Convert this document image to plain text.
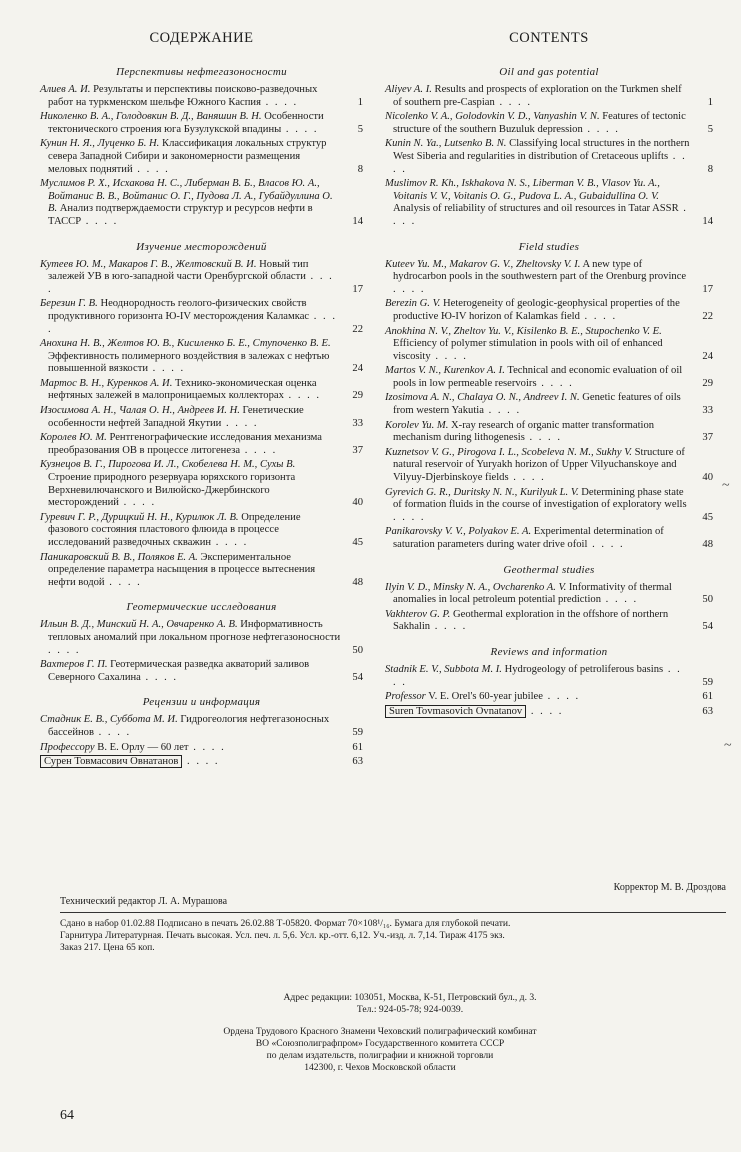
СОДЕРЖАНИЕ
Перспективы нефтегазоносности
Алиев А. И. Результаты и перспективы поисково-разведочных работ на туркменском шельфе Южного Каспия . . . .	1
Николенко В. А., Голодовкин В. Д., Ваняшин В. Н. Особенности тектонического строения юга Бузулукской впадины . . . .	5
Кунин Н. Я., Луценко Б. Н. Классификация локальных структур севера Западной Сибири и закономерности размещения меловых поднятий . . . .	8
Муслимов Р. Х., Исхакова Н. С., Либерман В. Б., Власов Ю. А., Войтанис В. В., Войтанис О. Г., Пудова Л. А., Губайдуллина О. В. Анализ подтверждаемости структур и ресурсов нефти в ТАССР . . . .	14
Изучение месторождений
Кутеев Ю. М., Макаров Г. В., Желтовский В. И. Новый тип залежей УВ в юго-западной части Оренбургской области . . . .	17
Березин Г. В. Неоднородность геолого-физических свойств продуктивного горизонта Ю-IV месторождения Каламкас . . . .	22
Анохина Н. В., Желтов Ю. В., Кисиленко Б. Е., Ступоченко В. Е. Эффективность полимерного воздействия в залежах с нефтью повышенной вязкости . . . .	24
Мартос В. Н., Куренков А. И. Технико-экономическая оценка нефтяных залежей в малопроницаемых коллекторах . . . .	29
Изосимова А. Н., Чалая О. Н., Андреев И. Н. Генетические особенности нефтей Западной Якутии . . . .	33
Королев Ю. М. Рентгенографические исследования механизма преобразования ОВ в процессе литогенеза . . . .	37
Кузнецов В. Г., Пирогова И. Л., Скобелева Н. М., Сухы В. Строение природного резервуара юряхского горизонта Верхневилючанского и Вилюйско-Джербинского месторождений . . . .	40
Гуревич Г. Р., Дурицкий Н. Н., Курилюк Л. В. Определение фазового состояния пластового флюида в процессе исследований разведочных скважин . . . .	45
Паникаровский В. В., Поляков Е. А. Экспериментальное определение параметра насыщения в процессе вытеснения нефти водой . . . .	48
Геотермические исследования
Ильин В. Д., Минский Н. А., Овчаренко А. В. Информативность тепловых аномалий при локальном прогнозе нефтегазоносности . . . .	50
Вахтеров Г. П. Геотермическая разведка акваторий заливов Северного Сахалина . . . .	54
Рецензии и информация
Стадник Е. В., Суббота М. И. Гидрогеология нефтегазоносных бассейнов . . . .	59
Профессору В. Е. Орлу — 60 лет . . . .	61
Сурен Товмасович Овнатанов . . . .	63
CONTENTS
Oil and gas potential
Aliyev A. I. Results and prospects of exploration on the Turkmen shelf of southern pre-Caspian . . . .	1
Nicolenko V. A., Golodovkin V. D., Vanyashin V. N. Features of tectonic structure of the southern Buzuluk depression . . . .	5
Kunin N. Ya., Lutsenko B. N. Classifying local structures in the northern West Siberia and regularities in distribution of Cretaceous uplifts . . . .	8
Muslimov R. Kh., Iskhakova N. S., Liberman V. B., Vlasov Yu. A., Voitanis V. V., Voitanis O. G., Pudova L. A., Gubaidullina O. V. Analysis of reliability of structures and oil resources in Tatar ASSR . . . .	14
Field studies
Kuteev Yu. M., Makarov G. V., Zheltovsky V. I. A new type of hydrocarbon pools in the southwestern part of the Orenburg province . . . .	17
Berezin G. V. Heterogeneity of geologic-geophysical properties of the productive Ю-IV horizon of Kalamkas field . . . .	22
Anokhina N. V., Zheltov Yu. V., Kisilenko B. E., Stupochenko V. E. Efficiency of polymer stimulation in pools with oil of enhanced viscosity . . . .	24
Martos V. N., Kurenkov A. I. Technical and economic evaluation of oil pools in low permeable reservoirs . . . .	29
Izosimova A. N., Chalaya O. N., Andreev I. N. Genetic features of oils from western Yakutia . . . .	33
Korolev Yu. M. X-ray research of organic matter transformation mechanism during lithogenesis . . . .	37
Kuznetsov V. G., Pirogova I. L., Scobeleva N. M., Sukhy V. Structure of natural reservoir of Yuryakh horizon of Upper Vilyuchanskoye and Vilyuy-Djerbinskoye fields . . . .	40
Gyrevich G. R., Duritsky N. N., Kurilyuk L. V. Determining phase state of formation fluids in the course of investigation of exploratory wells . . . .	45
Panikarovsky V. V., Polyakov E. A. Experimental determination of saturation parameters during water drive ofoil . . . .	48
Geothermal studies
Ilyin V. D., Minsky N. A., Ovcharenko A. V. Informativity of thermal anomalies in local petroleum potential prediction . . . .	50
Vakhterov G. P. Geothermal exploration in the offshore of northern Sakhalin . . . .	54
Reviews and information
Stadnik E. V., Subbota M. I. Hydrogeology of petroliferous basins . . . .	59
Professor V. E. Orel's 60-year jubilee . . . .	61
Suren Tovmasovich Ovnatanov . . . .	63
Корректор М. В. Дроздова
Технический редактор Л. А. Мурашова
Сдано в набор 01.02.88 Подписано в печать 26.02.88 Т-05820. Формат 70×108¹/₁₆. Бумага для глубокой печати.
Гарнитура Литературная. Печать высокая. Усл. печ. л. 5,6. Усл. кр.-отт. 6,12. Уч.-изд. л. 7,14. Тираж 4175 экз.
Заказ 217. Цена 65 коп.
Адрес редакции: 103051, Москва, К-51, Петровский бул., д. 3.
Тел.: 924-05-78; 924-0039.
Ордена Трудового Красного Знамени Чеховский полиграфический комбинат
ВО «Союзполиграфпром» Государственного комитета СССР
по делам издательств, полиграфии и книжной торговли
142300, г. Чехов Московской области
64
~
~
